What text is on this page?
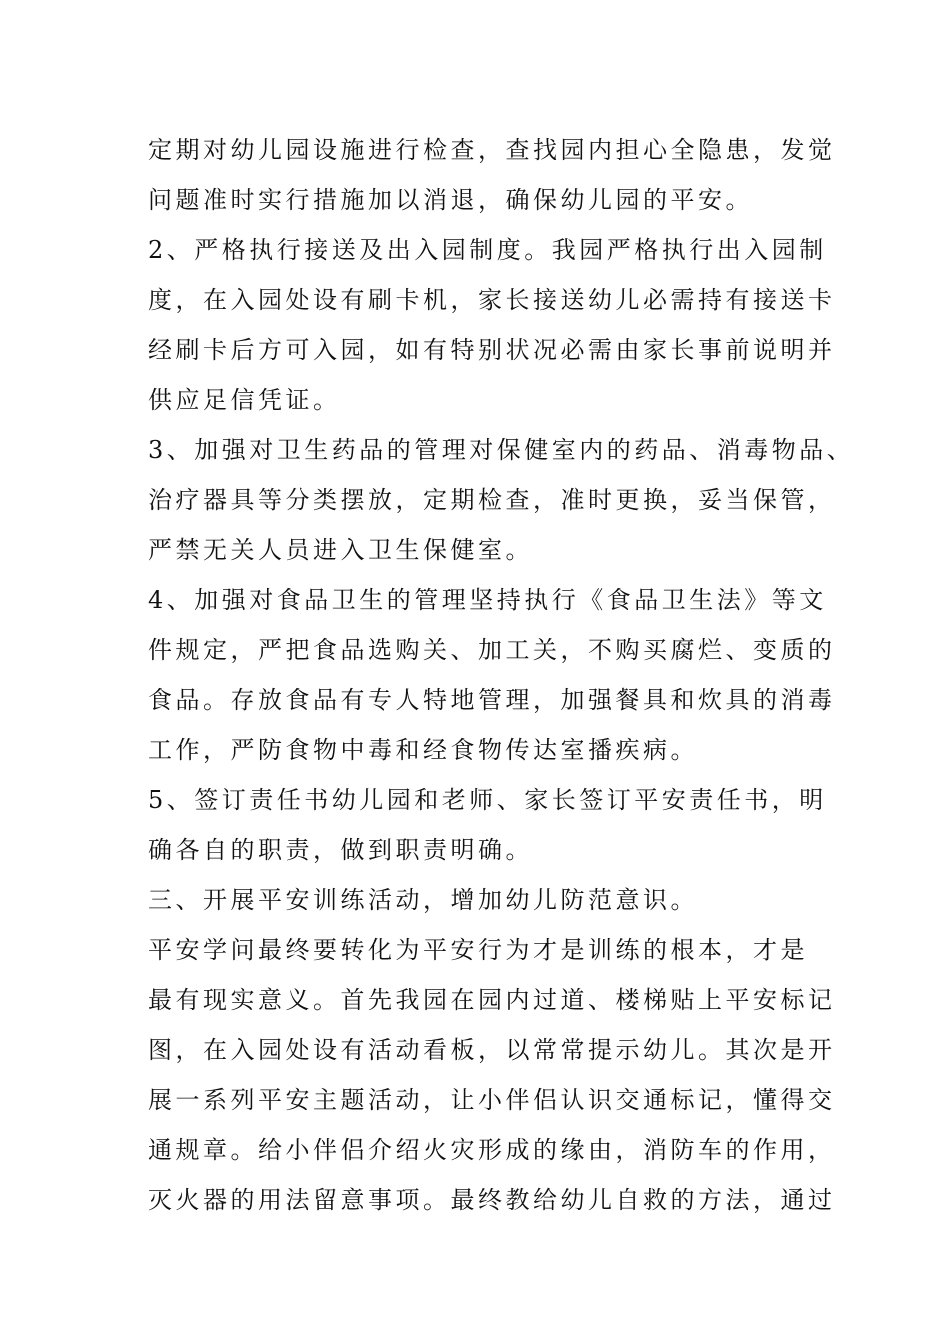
定期对幼儿园设施进行检查，查找园内担心全隐患，发觉
问题准时实行措施加以消退，确保幼儿园的平安。
2、严格执行接送及出入园制度。我园严格执行出入园制
度，在入园处设有刷卡机，家长接送幼儿必需持有接送卡
经刷卡后方可入园，如有特别状况必需由家长事前说明并
供应足信凭证。
3、加强对卫生药品的管理对保健室内的药品、消毒物品、
治疗器具等分类摆放，定期检查，准时更换，妥当保管，
严禁无关人员进入卫生保健室。
4、加强对食品卫生的管理坚持执行《食品卫生法》等文
件规定，严把食品选购关、加工关，不购买腐烂、变质的
食品。存放食品有专人特地管理，加强餐具和炊具的消毒
工作，严防食物中毒和经食物传达室播疾病。
5、签订责任书幼儿园和老师、家长签订平安责任书，明
确各自的职责，做到职责明确。
三、开展平安训练活动，增加幼儿防范意识。
平安学问最终要转化为平安行为才是训练的根本，才是
最有现实意义。首先我园在园内过道、楼梯贴上平安标记
图，在入园处设有活动看板，以常常提示幼儿。其次是开
展一系列平安主题活动，让小伴侣认识交通标记，懂得交
通规章。给小伴侣介绍火灾形成的缘由，消防车的作用，
灭火器的用法留意事项。最终教给幼儿自救的方法，通过
